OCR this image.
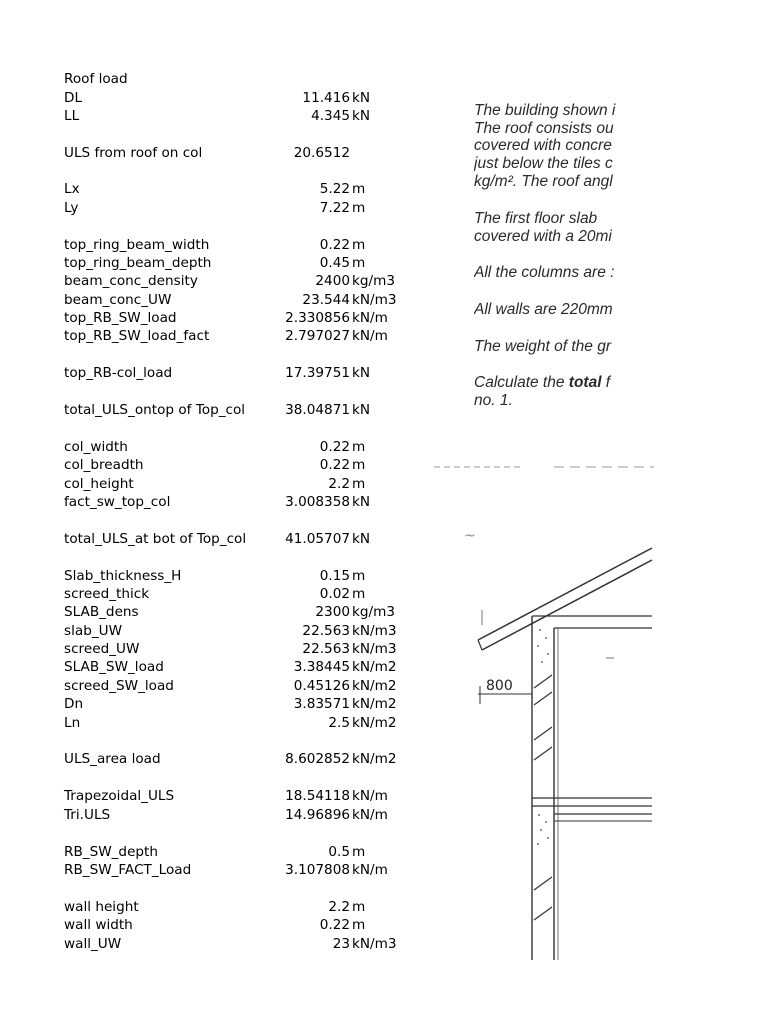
Roof load
DL	11.416 kN
LL	4.345 kN
ULS from roof on col	20.6512
Lx	5.22 m
Ly	7.22 m
top_ring_beam_width	0.22 m
top_ring_beam_depth	0.45 m
beam_conc_density	2400 kg/m3
beam_conc_UW	23.544 kN/m3
top_RB_SW_load	2.330856 kN/m
top_RB_SW_load_fact	2.797027 kN/m
top_RB-col_load	17.39751 kN
total_ULS_ontop of Top_col	38.04871 kN
col_width	0.22 m
col_breadth	0.22 m
col_height	2.2 m
fact_sw_top_col	3.008358 kN
total_ULS_at bot of Top_col	41.05707 kN
Slab_thickness_H	0.15 m
screed_thick	0.02 m
SLAB_dens	2300 kg/m3
slab_UW	22.563 kN/m3
screed_UW	22.563 kN/m3
SLAB_SW_load	3.38445 kN/m2
screed_SW_load	0.45126 kN/m2
Dn	3.83571 kN/m2
Ln	2.5 kN/m2
ULS_area load	8.602852 kN/m2
Trapezoidal_ULS	18.54118 kN/m
Tri.ULS	14.96896 kN/m
RB_SW_depth	0.5 m
RB_SW_FACT_Load	3.107808 kN/m
wall height	2.2 m
wall width	0.22 m
wall_UW	23 kN/m3
The building shown i
The roof consists ou
covered with concre
just below the tiles c
kg/m². The roof angl
The first floor slab
covered with a 20mi
All the columns are :
All walls are 220mm
The weight of the gr
Calculate the total f
no. 1.
~
800
